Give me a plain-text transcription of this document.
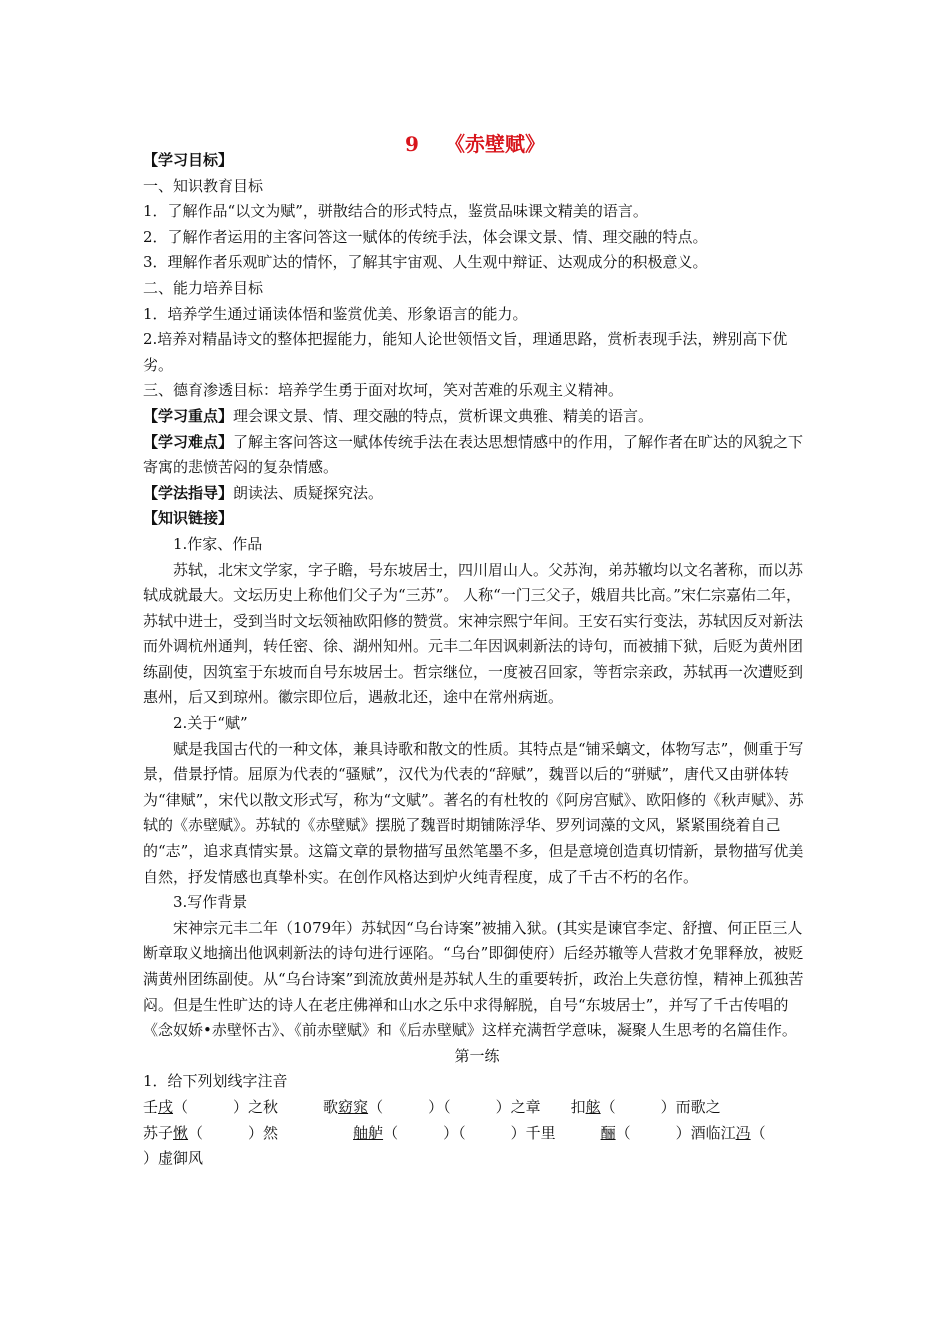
9 《赤壁赋》

【学习目标】

一、知识教育目标

1．了解作品“以文为赋”，骈散结合的形式特点，鉴赏品味课文精美的语言。

2．了解作者运用的主客问答这一赋体的传统手法，体会课文景、情、理交融的特点。

3．理解作者乐观旷达的情怀，了解其宇宙观、人生观中辩证、达观成分的积极意义。

二、能力培养目标

1．培养学生通过诵读体悟和鉴赏优美、形象语言的能力。

2.培养对精晶诗文的整体把握能力，能知人论世领悟文旨，理通思路，赏析表现手法，辨别高下优劣。

三、德育渗透目标：培养学生勇于面对坎坷，笑对苦难的乐观主义精神。

【学习重点】理会课文景、情、理交融的特点，赏析课文典雅、精美的语言。

【学习难点】了解主客问答这一赋体传统手法在表达思想情感中的作用，了解作者在旷达的风貌之下寄寓的悲愤苦闷的复杂情感。

【学法指导】朗读法、质疑探究法。

【知识链接】

1.作家、作品

苏轼，北宋文学家，字子瞻，号东坡居士，四川眉山人。父苏洵，弟苏辙均以文名著称，而以苏轼成就最大。文坛历史上称他们父子为“三苏”。 人称“一门三父子，娥眉共比高。”宋仁宗嘉佑二年，苏轼中进士，受到当时文坛领袖欧阳修的赞赏。宋神宗熙宁年间。王安石实行变法，苏轼因反对新法而外调杭州通判，转任密、徐、湖州知州。元丰二年因讽刺新法的诗句，而被捕下狱，后贬为黄州团练副使，因筑室于东坡而自号东坡居士。哲宗继位，一度被召回家，等哲宗亲政，苏轼再一次遭贬到惠州，后又到琼州。徽宗即位后，遇赦北还，途中在常州病逝。

2.关于“赋”

赋是我国古代的一种文体，兼具诗歌和散文的性质。其特点是“铺采螭文，体物写志”，侧重于写景，借景抒情。屈原为代表的“骚赋”，汉代为代表的“辞赋”，魏晋以后的“骈赋”，唐代又由骈体转为“律赋”，宋代以散文形式写，称为“文赋”。著名的有杜牧的《阿房宫赋》、欧阳修的《秋声赋》、苏轼的《赤壁赋》。苏轼的《赤壁赋》摆脱了魏晋时期铺陈浮华、罗列词藻的文风，紧紧围绕着自己的“志”，追求真情实景。这篇文章的景物描写虽然笔墨不多，但是意境创造真切情新，景物描写优美自然，抒发情感也真挚朴实。在创作风格达到炉火纯青程度，成了千古不朽的名作。

3.写作背景

宋神宗元丰二年（1079年）苏轼因“乌台诗案”被捕入狱。(其实是谏官李定、舒擅、何正臣三人断章取义地摘出他讽刺新法的诗句进行诬陷。“乌台”即御使府）后经苏辙等人营救才免罪释放，被贬满黄州团练副使。从“乌台诗案”到流放黄州是苏轼人生的重要转折，政治上失意彷惶，精神上孤独苦闷。但是生性旷达的诗人在老庄佛禅和山水之乐中求得解脱，自号“东坡居士”，并写了千古传唱的《念奴娇•赤壁怀古》、《前赤壁赋》和《后赤壁赋》这样充满哲学意味，凝聚人生思考的名篇佳作。

第一练

1．给下列划线字注音

壬戌（　　　）之秋　　　歌窈窕（　　　）（　　　）之章　　扣舷（　　　）而歌之

苏子愀（　　　）然　　　　　舳舻（　　　）（　　　）千里　　　酾（　　　）酒临江冯（

）虚御风
